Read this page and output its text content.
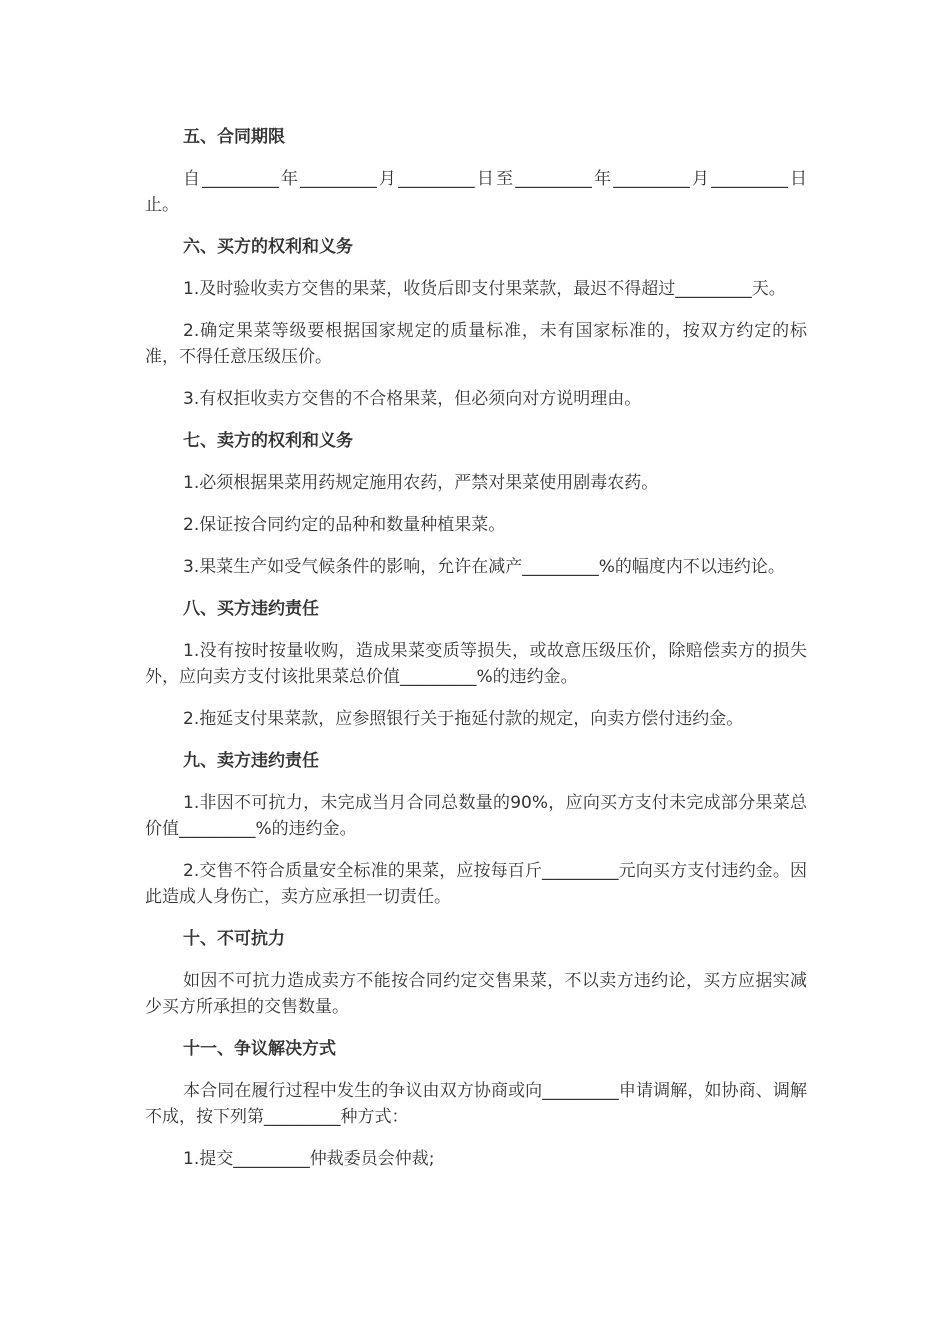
五、合同期限
自_________年_________月_________日至_________年_________月_________日止。
六、买方的权利和义务
1.及时验收卖方交售的果菜，收货后即支付果菜款，最迟不得超过_________天。
2.确定果菜等级要根据国家规定的质量标准，未有国家标准的，按双方约定的标准，不得任意压级压价。
3.有权拒收卖方交售的不合格果菜，但必须向对方说明理由。
七、卖方的权利和义务
1.必须根据果菜用药规定施用农药，严禁对果菜使用剧毒农药。
2.保证按合同约定的品种和数量种植果菜。
3.果菜生产如受气候条件的影响，允许在减产_________%的幅度内不以违约论。
八、买方违约责任
1.没有按时按量收购，造成果菜变质等损失，或故意压级压价，除赔偿卖方的损失外，应向卖方支付该批果菜总价值_________%的违约金。
2.拖延支付果菜款，应参照银行关于拖延付款的规定，向卖方偿付违约金。
九、卖方违约责任
1.非因不可抗力，未完成当月合同总数量的90%，应向买方支付未完成部分果菜总价值_________%的违约金。
2.交售不符合质量安全标准的果菜，应按每百斤_________元向买方支付违约金。因此造成人身伤亡，卖方应承担一切责任。
十、不可抗力
如因不可抗力造成卖方不能按合同约定交售果菜，不以卖方违约论，买方应据实减少买方所承担的交售数量。
十一、争议解决方式
本合同在履行过程中发生的争议由双方协商或向_________申请调解，如协商、调解不成，按下列第_________种方式：
1.提交_________仲裁委员会仲裁;
